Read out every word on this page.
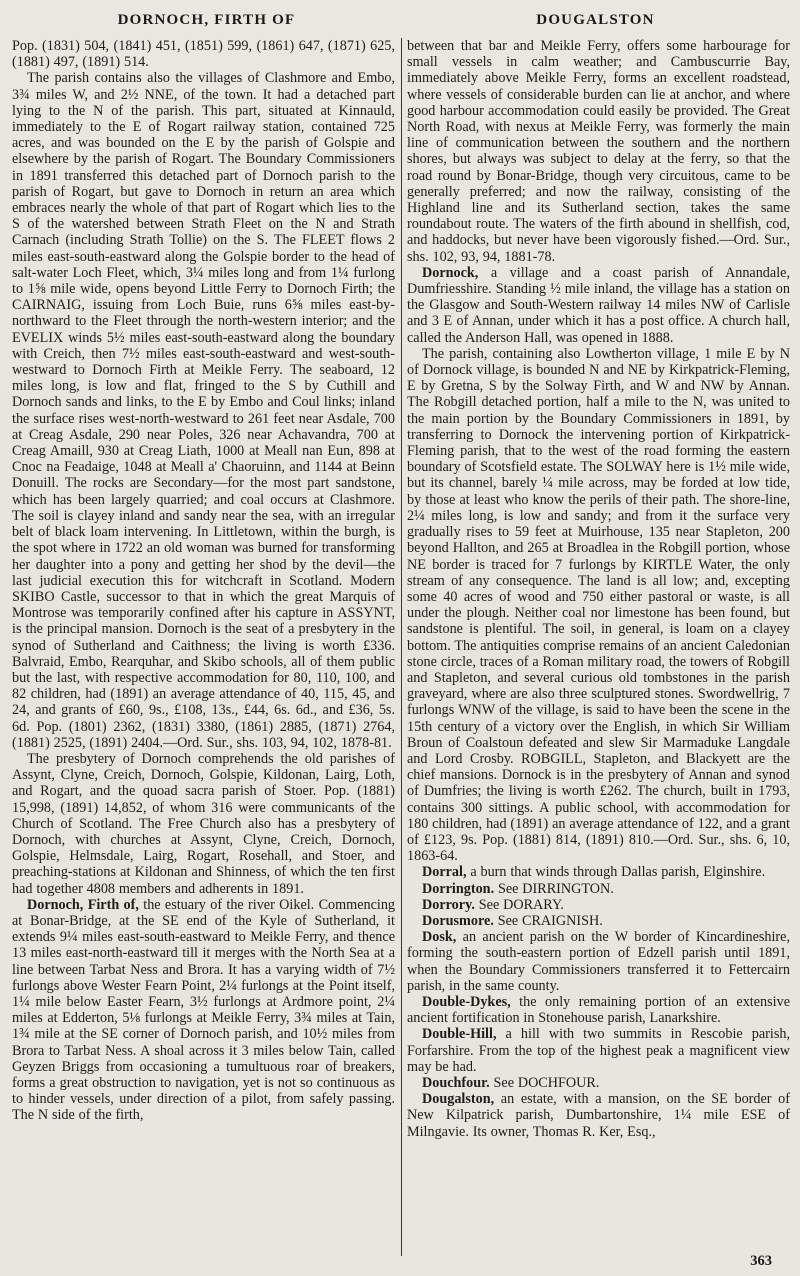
DORNOCH, FIRTH OF	DOUGALSTON

Pop. (1831) 504, (1841) 451, (1851) 599, (1861) 647, (1871) 625, (1881) 497, (1891) 514.

The parish contains also the villages of Clashmore and Embo, 3¾ miles W, and 2½ NNE, of the town. It had a detached part lying to the N of the parish. This part, situated at Kinnauld, immediately to the E of Rogart railway station, contained 725 acres, and was bounded on the E by the parish of Golspie and elsewhere by the parish of Rogart. The Boundary Commissioners in 1891 transferred this detached part of Dornoch parish to the parish of Rogart, but gave to Dornoch in return an area which embraces nearly the whole of that part of Rogart which lies to the S of the watershed between Strath Fleet on the N and Strath Carnach (including Strath Tollie) on the S. The FLEET flows 2 miles east-south-eastward along the Golspie border to the head of salt-water Loch Fleet, which, 3¼ miles long and from 1¼ furlong to 1⅝ mile wide, opens beyond Little Ferry to Dornoch Firth; the CAIRNAIG, issuing from Loch Buie, runs 6⅝ miles east-by-northward to the Fleet through the north-western interior; and the EVELIX winds 5½ miles east-south-eastward along the boundary with Creich, then 7½ miles east-south-eastward and west-south-westward to Dornoch Firth at Meikle Ferry. The seaboard, 12 miles long, is low and flat, fringed to the S by Cuthill and Dornoch sands and links, to the E by Embo and Coul links; inland the surface rises west-north-westward to 261 feet near Asdale, 700 at Creag Asdale, 290 near Poles, 326 near Achavandra, 700 at Creag Amaill, 930 at Creag Liath, 1000 at Meall nan Eun, 898 at Cnoc na Feadaige, 1048 at Meall a' Chaoruinn, and 1144 at Beinn Donuill. The rocks are Secondary—for the most part sandstone, which has been largely quarried; and coal occurs at Clashmore. The soil is clayey inland and sandy near the sea, with an irregular belt of black loam intervening. In Littletown, within the burgh, is the spot where in 1722 an old woman was burned for transforming her daughter into a pony and getting her shod by the devil—the last judicial execution this for witchcraft in Scotland. Modern SKIBO Castle, successor to that in which the great Marquis of Montrose was temporarily confined after his capture in ASSYNT, is the principal mansion. Dornoch is the seat of a presbytery in the synod of Sutherland and Caithness; the living is worth £336. Balvraid, Embo, Rearquhar, and Skibo schools, all of them public but the last, with respective accommodation for 80, 110, 100, and 82 children, had (1891) an average attendance of 40, 115, 45, and 24, and grants of £60, 9s., £108, 13s., £44, 6s. 6d., and £36, 5s. 6d. Pop. (1801) 2362, (1831) 3380, (1861) 2885, (1871) 2764, (1881) 2525, (1891) 2404.—Ord. Sur., shs. 103, 94, 102, 1878-81.

The presbytery of Dornoch comprehends the old parishes of Assynt, Clyne, Creich, Dornoch, Golspie, Kildonan, Lairg, Loth, and Rogart, and the quoad sacra parish of Stoer. Pop. (1881) 15,998, (1891) 14,852, of whom 316 were communicants of the Church of Scotland. The Free Church also has a presbytery of Dornoch, with churches at Assynt, Clyne, Creich, Dornoch, Golspie, Helmsdale, Lairg, Rogart, Rosehall, and Stoer, and preaching-stations at Kildonan and Shinness, of which the ten first had together 4808 members and adherents in 1891.

Dornoch, Firth of, the estuary of the river Oikel. Commencing at Bonar-Bridge, at the SE end of the Kyle of Sutherland, it extends 9¼ miles east-south-eastward to Meikle Ferry, and thence 13 miles east-north-eastward till it merges with the North Sea at a line between Tarbat Ness and Brora. It has a varying width of 7½ furlongs above Wester Fearn Point, 2¼ furlongs at the Point itself, 1¼ mile below Easter Fearn, 3½ furlongs at Ardmore point, 2¼ miles at Edderton, 5⅛ furlongs at Meikle Ferry, 3¾ miles at Tain, 1¾ mile at the SE corner of Dornoch parish, and 10½ miles from Brora to Tarbat Ness. A shoal across it 3 miles below Tain, called Geyzen Briggs from occasioning a tumultuous roar of breakers, forms a great obstruction to navigation, yet is not so continuous as to hinder vessels, under direction of a pilot, from safely passing. The N side of the firth,

between that bar and Meikle Ferry, offers some harbourage for small vessels in calm weather; and Cambuscurrie Bay, immediately above Meikle Ferry, forms an excellent roadstead, where vessels of considerable burden can lie at anchor, and where good harbour accommodation could easily be provided. The Great North Road, with nexus at Meikle Ferry, was formerly the main line of communication between the southern and the northern shores, but always was subject to delay at the ferry, so that the road round by Bonar-Bridge, though very circuitous, came to be generally preferred; and now the railway, consisting of the Highland line and its Sutherland section, takes the same roundabout route. The waters of the firth abound in shellfish, cod, and haddocks, but never have been vigorously fished.—Ord. Sur., shs. 102, 93, 94, 1881-78.

Dornock, a village and a coast parish of Annandale, Dumfriesshire. Standing ½ mile inland, the village has a station on the Glasgow and South-Western railway 14 miles NW of Carlisle and 3 E of Annan, under which it has a post office. A church hall, called the Anderson Hall, was opened in 1888.

The parish, containing also Lowtherton village, 1 mile E by N of Dornock village, is bounded N and NE by Kirkpatrick-Fleming, E by Gretna, S by the Solway Firth, and W and NW by Annan. The Robgill detached portion, half a mile to the N, was united to the main portion by the Boundary Commissioners in 1891, by transferring to Dornock the intervening portion of Kirkpatrick-Fleming parish, that to the west of the road forming the eastern boundary of Scotsfield estate. The SOLWAY here is 1½ mile wide, but its channel, barely ¼ mile across, may be forded at low tide, by those at least who know the perils of their path. The shore-line, 2¼ miles long, is low and sandy; and from it the surface very gradually rises to 59 feet at Muirhouse, 135 near Stapleton, 200 beyond Hallton, and 265 at Broadlea in the Robgill portion, whose NE border is traced for 7 furlongs by KIRTLE Water, the only stream of any consequence. The land is all low; and, excepting some 40 acres of wood and 750 either pastoral or waste, is all under the plough. Neither coal nor limestone has been found, but sandstone is plentiful. The soil, in general, is loam on a clayey bottom. The antiquities comprise remains of an ancient Caledonian stone circle, traces of a Roman military road, the towers of Robgill and Stapleton, and several curious old tombstones in the parish graveyard, where are also three sculptured stones. Swordwellrig, 7 furlongs WNW of the village, is said to have been the scene in the 15th century of a victory over the English, in which Sir William Broun of Coalstoun defeated and slew Sir Marmaduke Langdale and Lord Crosby. ROBGILL, Stapleton, and Blackyett are the chief mansions. Dornock is in the presbytery of Annan and synod of Dumfries; the living is worth £262. The church, built in 1793, contains 300 sittings. A public school, with accommodation for 180 children, had (1891) an average attendance of 122, and a grant of £123, 9s. Pop. (1881) 814, (1891) 810.—Ord. Sur., shs. 6, 10, 1863-64.

Dorral, a burn that winds through Dallas parish, Elginshire.

Dorrington. See DIRRINGTON.

Dorrory. See DORARY.

Dorusmore. See CRAIGNISH.

Dosk, an ancient parish on the W border of Kincardineshire, forming the south-eastern portion of Edzell parish until 1891, when the Boundary Commissioners transferred it to Fettercairn parish, in the same county.

Double-Dykes, the only remaining portion of an extensive ancient fortification in Stonehouse parish, Lanarkshire.

Double-Hill, a hill with two summits in Rescobie parish, Forfarshire. From the top of the highest peak a magnificent view may be had.

Douchfour. See DOCHFOUR.

Dougalston, an estate, with a mansion, on the SE border of New Kilpatrick parish, Dumbartonshire, 1¼ mile ESE of Milngavie. Its owner, Thomas R. Ker, Esq.,

363
